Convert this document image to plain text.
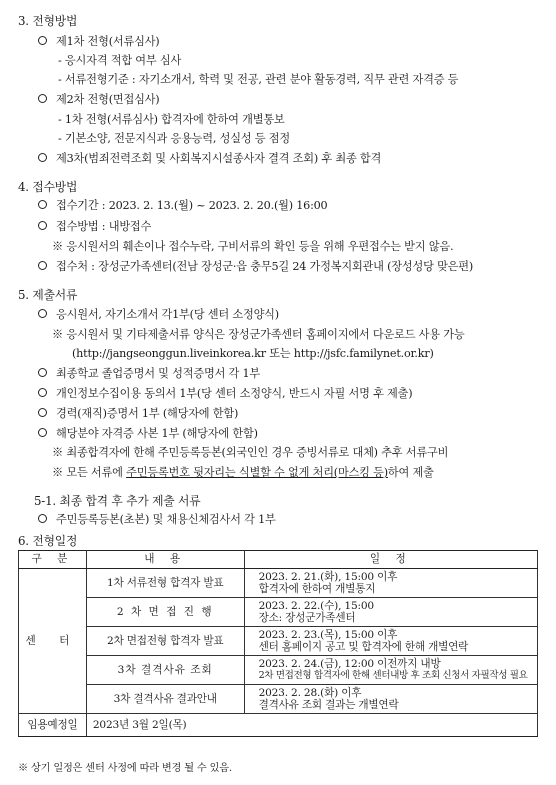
3. 전형방법
제1차 전형(서류심사)
- 응시자격 적합 여부 심사
- 서류전형기준 : 자기소개서, 학력 및 전공, 관련 분야 활동경력, 직무 관련 자격증 등
제2차 전형(면접심사)
- 1차 전형(서류심사) 합격자에 한하여 개별통보
- 기본소양, 전문지식과 응용능력, 성실성 등 점정
제3차(범죄전력조회 및 사회복지시설종사자 결격 조회) 후 최종 합격
4. 접수방법
접수기간 : 2023. 2. 13.(월) ~ 2023. 2. 20.(월) 16:00
접수방법 : 내방접수
※ 응시원서의 훼손이나 접수누락, 구비서류의 확인 등을 위해 우편접수는 받지 않음.
접수처 : 장성군가족센터(전남 장성군·읍 충무5길 24 가정복지회관내 (장성성당 맞은편)
5. 제출서류
응시원서, 자기소개서 각1부(당 센터 소정양식)
※ 응시원서 및 기타제출서류 양식은 장성군가족센터 홈페이지에서 다운로드 사용 가능
(http://jangseonggun.liveinkorea.kr 또는 http://jsfc.familynet.or.kr)
최종학교 졸업증명서 및 성적증명서 각 1부
개인정보수집이용 동의서 1부(당 센터 소정양식, 반드시 자필 서명 후 제출)
경력(재직)증명서 1부 (해당자에 한함)
해당분야 자격증 사본 1부 (해당자에 한함)
※ 최종합격자에 한해 주민등록등본(외국인인 경우 증빙서류로 대체) 추후 서류구비
※ 모든 서류에 주민등록번호 뒷자리는 식별할 수 없게 처리(마스킹 등)하여 제출
5-1. 최종 합격 후 추가 제출 서류
주민등록등본(초본) 및 채용신체검사서 각 1부
6. 전형일정
구 분	내 용	일 정
센 터	1차 서류전형 합격자 발표	2023. 2. 21.(화), 15:00 이후
합격자에 한하여 개별통지

	2 차 면 접 진 행	2023. 2. 22.(수), 15:00
장소: 장성군가족센터

	2차 면접전형 합격자 발표	2023. 2. 23.(목), 15:00 이후
센터 홈페이지 공고 및 합격자에 한해 개별연락

	3차 결격사유 조회	2023. 2. 24.(금), 12:00 이전까지 내방
2차 면접전형 합격자에 한해 센터내방 후 조회 신청서 자필작성 필요

	3차 결격사유 결과안내	2023. 2. 28.(화) 이후
결격사유 조회 결과는 개별연락

임용예정일	2023년 3월 2일(목)	
※ 상기 일정은 센터 사정에 따라 변경 될 수 있음.
